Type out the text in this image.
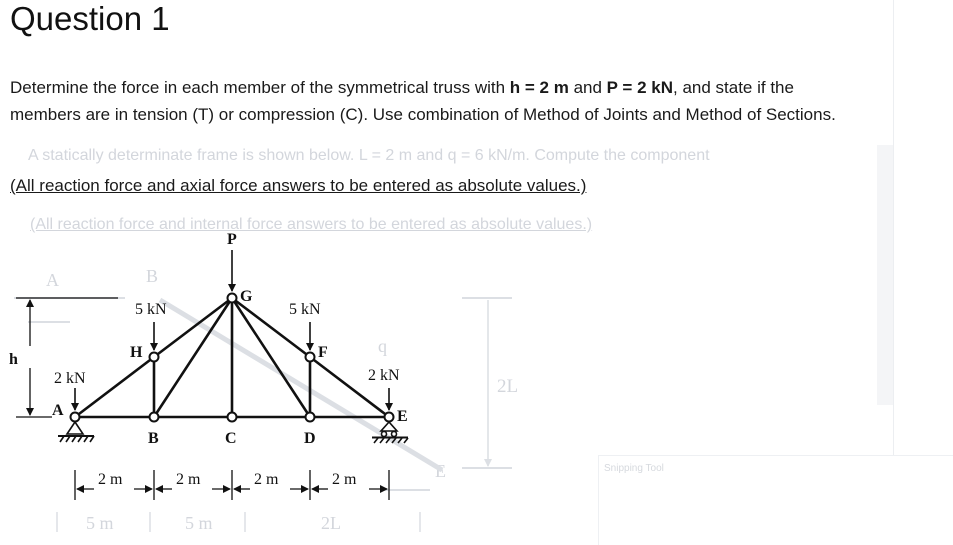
A statically determinate frame is shown below. L = 2 m and q = 6 kN/m. Compute the component
(All reaction force and internal force answers to be entered as absolute values.)
A	B
q
2L
E
5 m	5 m	2L
Snipping Tool
Question 1

Determine the force in each member of the symmetrical truss with h = 2 m and P = 2 kN, and state if the members are in tension (T) or compression (C). Use combination of Method of Joints and Method of Sections.

(All reaction force and axial force answers to be entered as absolute values.)

h
P
5 kN	5 kN
2 kN	2 kN
A
B	C	D
E
F
G
H
2 m	2 m	2 m	2 m
